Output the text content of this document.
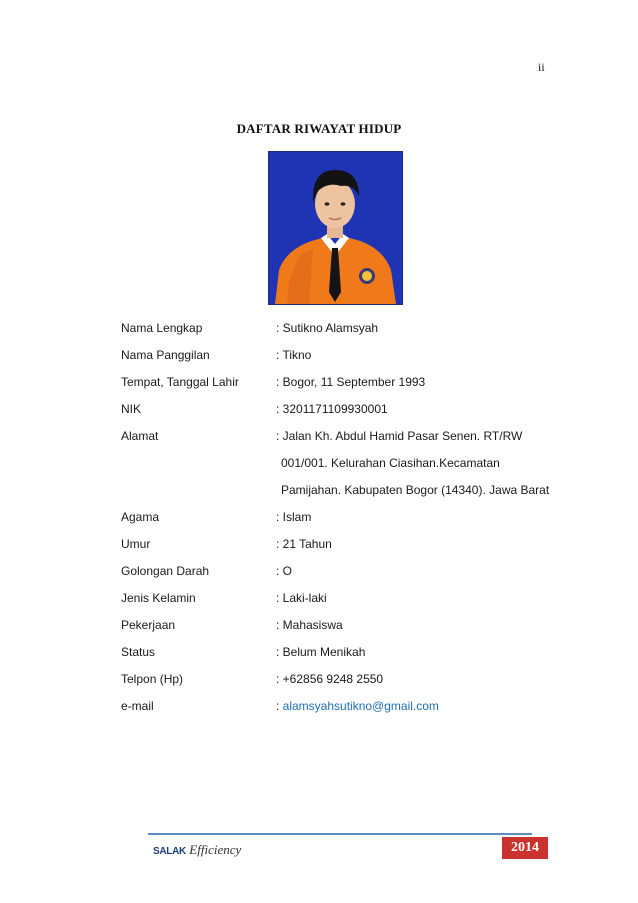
ii
DAFTAR RIWAYAT HIDUP
Nama Lengkap	: Sutikno Alamsyah
Nama Panggilan	: Tikno
Tempat, Tanggal Lahir	: Bogor, 11 September 1993
NIK	: 3201171109930001
Alamat	: Jalan Kh. Abdul Hamid Pasar Senen. RT/RW
001/001. Kelurahan Ciasihan.Kecamatan
Pamijahan. Kabupaten Bogor (14340). Jawa Barat
Agama	: Islam
Umur	: 21 Tahun
Golongan Darah	: O
Jenis Kelamin	: Laki-laki
Pekerjaan	: Mahasiswa
Status	: Belum Menikah
Telpon (Hp)	: +62856 9248 2550
e-mail	: alamsyahsutikno@gmail.com
SALAK Efficiency	2014
